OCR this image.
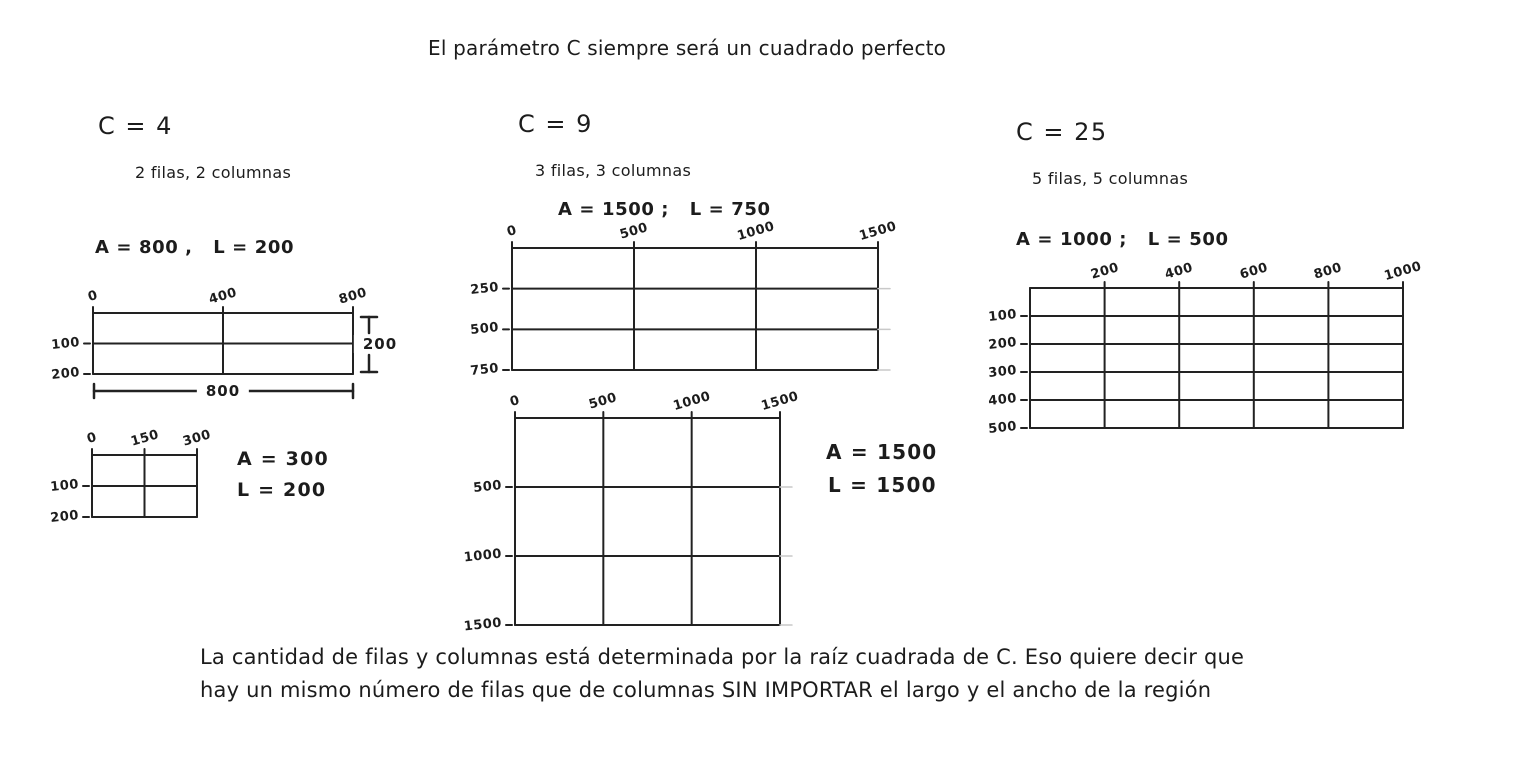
El parámetro C siempre será un cuadrado perfecto
C = 4
2 filas, 2 columnas
A = 800 ,   L = 200
A = 300
L = 200
C = 9
3 filas, 3 columnas
A = 1500 ;   L = 750
A = 1500
L = 1500
C = 25
5 filas, 5 columnas
A = 1000 ;   L = 500
La cantidad de filas y columnas está determinada por la raíz cuadrada de C. Eso quiere decir que
hay un mismo número de filas que de columnas SIN IMPORTAR el largo y el ancho de la región
0	400	800
100
200
800
200
0 150 300
100
200
0	500	1000	1500
250
500
750
0	500	1000	1500
500
1000
1500
200	400	600	800	1000
100
200
300
400
500
